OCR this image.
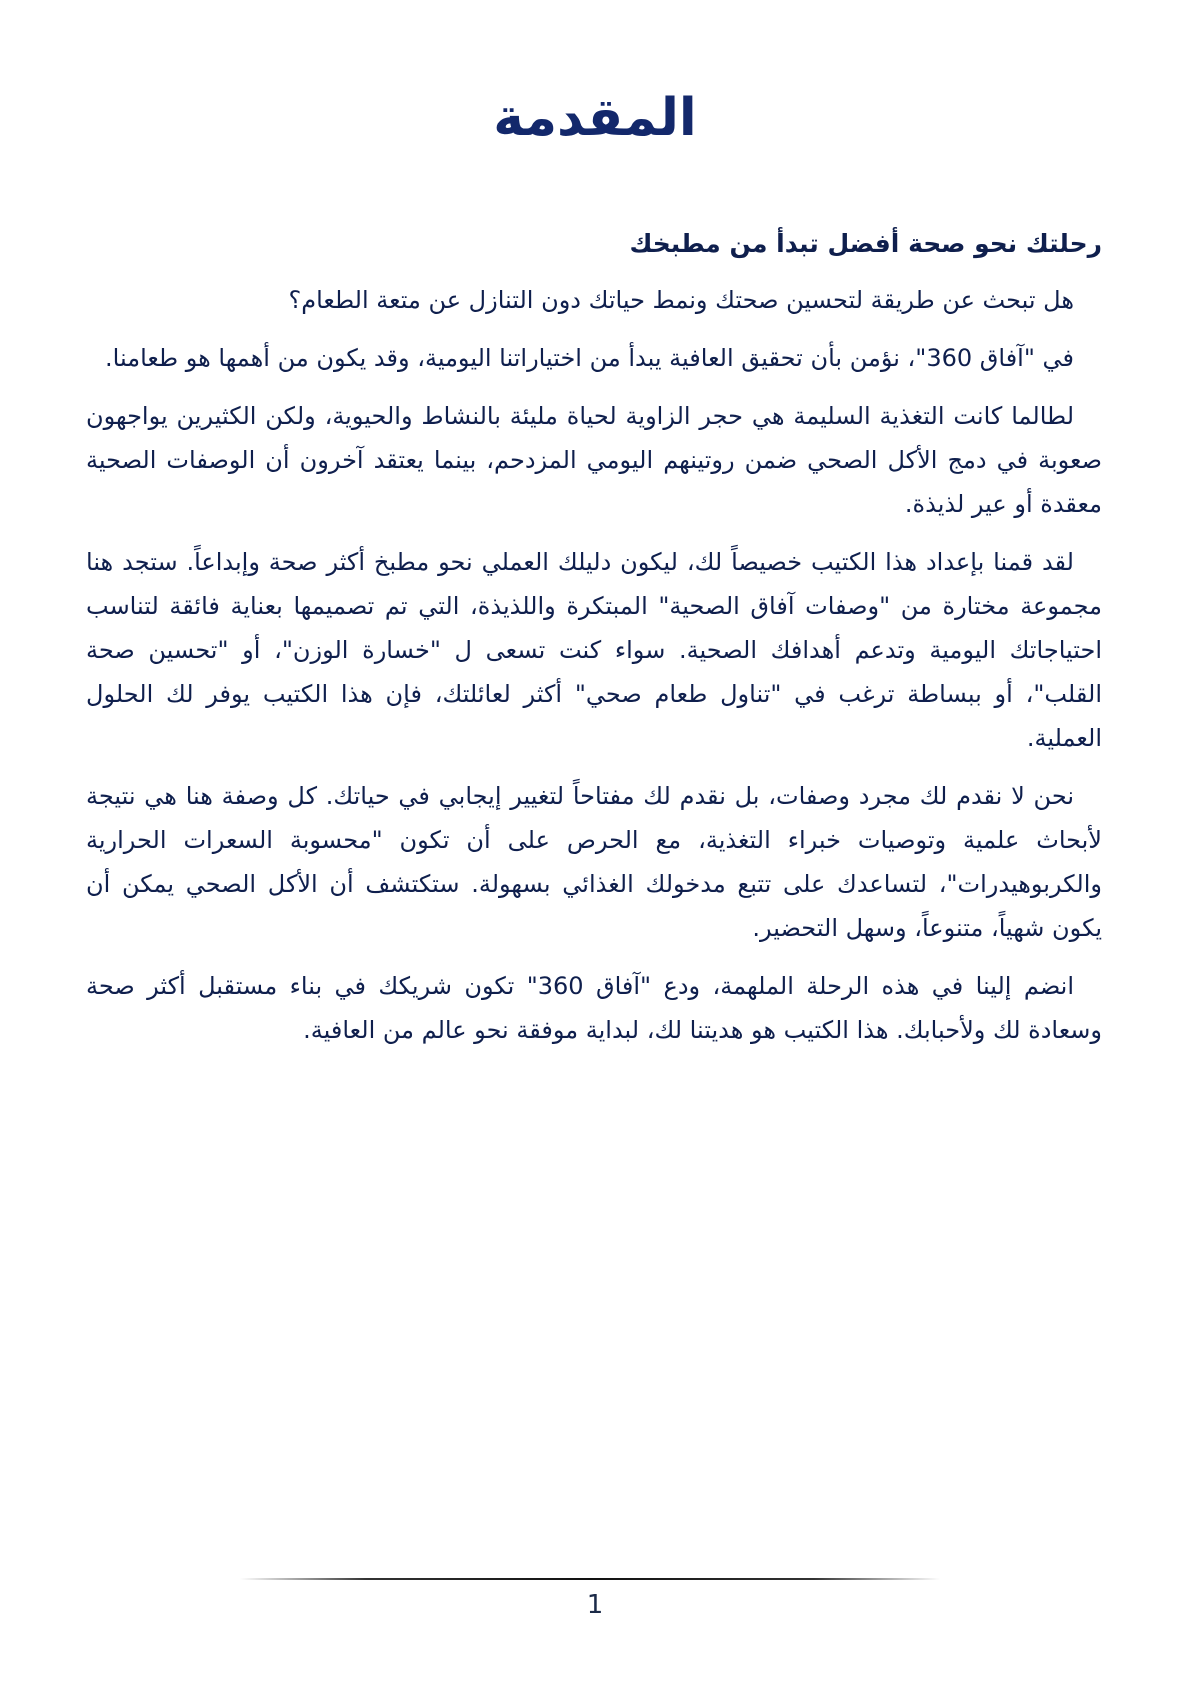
المقدمة
رحلتك نحو صحة أفضل تبدأ من مطبخك

هل تبحث عن طريقة لتحسين صحتك ونمط حياتك دون التنازل عن متعة الطعام؟

في "آفاق 360"، نؤمن بأن تحقيق العافية يبدأ من اختياراتنا اليومية، وقد يكون من أهمها هو طعامنا.

لطالما كانت التغذية السليمة هي حجر الزاوية لحياة مليئة بالنشاط والحيوية، ولكن الكثيرين يواجهون صعوبة في دمج الأكل الصحي ضمن روتينهم اليومي المزدحم، بينما يعتقد آخرون أن الوصفات الصحية معقدة أو عير لذيذة.

لقد قمنا بإعداد هذا الكتيب خصيصاً لك، ليكون دليلك العملي نحو مطبخ أكثر صحة وإبداعاً. ستجد هنا مجموعة مختارة من "وصفات آفاق الصحية" المبتكرة واللذيذة، التي تم تصميمها بعناية فائقة لتناسب احتياجاتك اليومية وتدعم أهدافك الصحية. سواء كنت تسعى ل "خسارة الوزن"، أو "تحسين صحة القلب"، أو ببساطة ترغب في "تناول طعام صحي" أكثر لعائلتك، فإن هذا الكتيب يوفر لك الحلول العملية.

نحن لا نقدم لك مجرد وصفات، بل نقدم لك مفتاحاً لتغيير إيجابي في حياتك. كل وصفة هنا هي نتيجة لأبحاث علمية وتوصيات خبراء التغذية، مع الحرص على أن تكون "محسوبة السعرات الحرارية والكربوهيدرات"، لتساعدك على تتبع مدخولك الغذائي بسهولة. ستكتشف أن الأكل الصحي يمكن أن يكون شهياً، متنوعاً، وسهل التحضير.

انضم إلينا في هذه الرحلة الملهمة، ودع "آفاق 360" تكون شريكك في بناء مستقبل أكثر صحة وسعادة لك ولأحبابك. هذا الكتيب هو هديتنا لك، لبداية موفقة نحو عالم من العافية.

1
